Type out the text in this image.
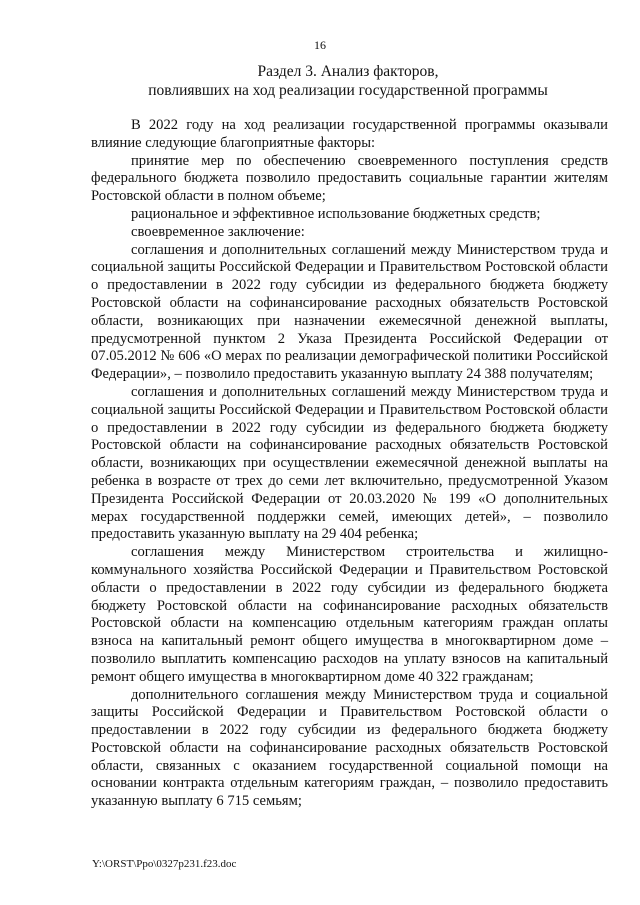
16
Раздел 3. Анализ факторов,
повлиявших на ход реализации государственной программы

В 2022 году на ход реализации государственной программы оказывали влияние следующие благоприятные факторы:

принятие мер по обеспечению своевременного поступления средств федерального бюджета позволило предоставить социальные гарантии жителям Ростовской области в полном объеме;

рациональное и эффективное использование бюджетных средств;

своевременное заключение:

соглашения и дополнительных соглашений между Министерством труда и социальной защиты Российской Федерации и Правительством Ростовской области о предоставлении в 2022 году субсидии из федерального бюджета бюджету Ростовской области на софинансирование расходных обязательств Ростовской области, возникающих при назначении ежемесячной денежной выплаты, предусмотренной пунктом 2 Указа Президента Российской Федерации от 07.05.2012 № 606 «О мерах по реализации демографической политики Российской Федерации», – позволило предоставить указанную выплату 24 388 получателям;

соглашения и дополнительных соглашений между Министерством труда и социальной защиты Российской Федерации и Правительством Ростовской области о предоставлении в 2022 году субсидии из федерального бюджета бюджету Ростовской области на софинансирование расходных обязательств Ростовской области, возникающих при осуществлении ежемесячной денежной выплаты на ребенка в возрасте от трех до семи лет включительно, предусмотренной Указом Президента Российской Федерации от 20.03.2020 № 199 «О дополнительных мерах государственной поддержки семей, имеющих детей», – позволило предоставить указанную выплату на 29 404 ребенка;

соглашения между Министерством строительства и жилищно-коммунального хозяйства Российской Федерации и Правительством Ростовской области о предоставлении в 2022 году субсидии из федерального бюджета бюджету Ростовской области на софинансирование расходных обязательств Ростовской области на компенсацию отдельным категориям граждан оплаты взноса на капитальный ремонт общего имущества в многоквартирном доме – позволило выплатить компенсацию расходов на уплату взносов на капитальный ремонт общего имущества в многоквартирном доме 40 322 гражданам;

дополнительного соглашения между Министерством труда и социальной защиты Российской Федерации и Правительством Ростовской области о предоставлении в 2022 году субсидии из федерального бюджета бюджету Ростовской области на софинансирование расходных обязательств Ростовской области, связанных с оказанием государственной социальной помощи на основании контракта отдельным категориям граждан, – позволило предоставить указанную выплату 6 715 семьям;

Y:\ORST\Ppo\0327p231.f23.doc
